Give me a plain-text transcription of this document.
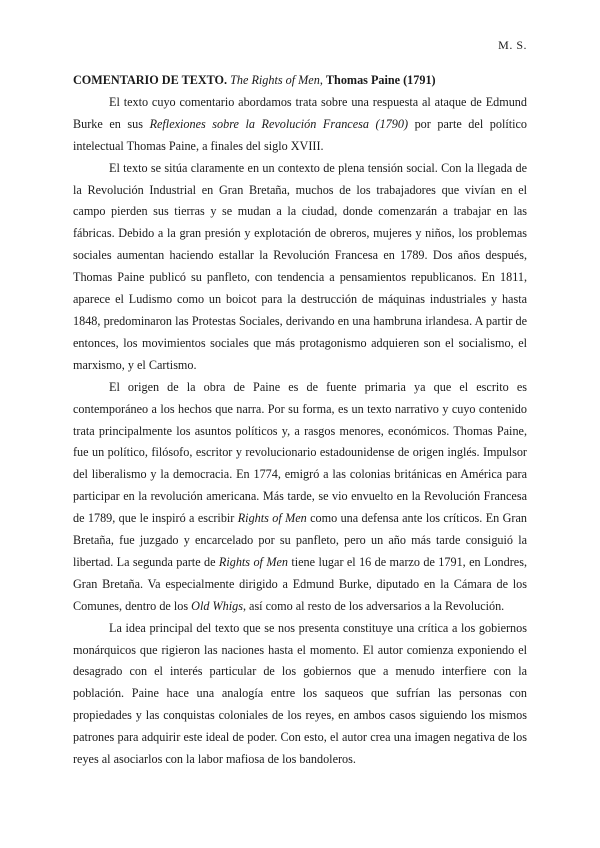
M. S.
COMENTARIO DE TEXTO. The Rights of Men, Thomas Paine (1791)

El texto cuyo comentario abordamos trata sobre una respuesta al ataque de Edmund Burke en sus Reflexiones sobre la Revolución Francesa (1790) por parte del político intelectual Thomas Paine, a finales del siglo XVIII.

El texto se sitúa claramente en un contexto de plena tensión social. Con la llegada de la Revolución Industrial en Gran Bretaña, muchos de los trabajadores que vivían en el campo pierden sus tierras y se mudan a la ciudad, donde comenzarán a trabajar en las fábricas. Debido a la gran presión y explotación de obreros, mujeres y niños, los problemas sociales aumentan haciendo estallar la Revolución Francesa en 1789. Dos años después, Thomas Paine publicó su panfleto, con tendencia a pensamientos republicanos. En 1811, aparece el Ludismo como un boicot para la destrucción de máquinas industriales y hasta 1848, predominaron las Protestas Sociales, derivando en una hambruna irlandesa. A partir de entonces, los movimientos sociales que más protagonismo adquieren son el socialismo, el marxismo, y el Cartismo.

El origen de la obra de Paine es de fuente primaria ya que el escrito es contemporáneo a los hechos que narra. Por su forma, es un texto narrativo y cuyo contenido trata principalmente los asuntos políticos y, a rasgos menores, económicos. Thomas Paine, fue un político, filósofo, escritor y revolucionario estadounidense de origen inglés. Impulsor del liberalismo y la democracia. En 1774, emigró a las colonias británicas en América para participar en la revolución americana. Más tarde, se vio envuelto en la Revolución Francesa de 1789, que le inspiró a escribir Rights of Men como una defensa ante los críticos. En Gran Bretaña, fue juzgado y encarcelado por su panfleto, pero un año más tarde consiguió la libertad. La segunda parte de Rights of Men tiene lugar el 16 de marzo de 1791, en Londres, Gran Bretaña. Va especialmente dirigido a Edmund Burke, diputado en la Cámara de los Comunes, dentro de los Old Whigs, así como al resto de los adversarios a la Revolución.

La idea principal del texto que se nos presenta constituye una crítica a los gobiernos monárquicos que rigieron las naciones hasta el momento. El autor comienza exponiendo el desagrado con el interés particular de los gobiernos que a menudo interfiere con la población. Paine hace una analogía entre los saqueos que sufrían las personas con propiedades y las conquistas coloniales de los reyes, en ambos casos siguiendo los mismos patrones para adquirir este ideal de poder. Con esto, el autor crea una imagen negativa de los reyes al asociarlos con la labor mafiosa de los bandoleros.
